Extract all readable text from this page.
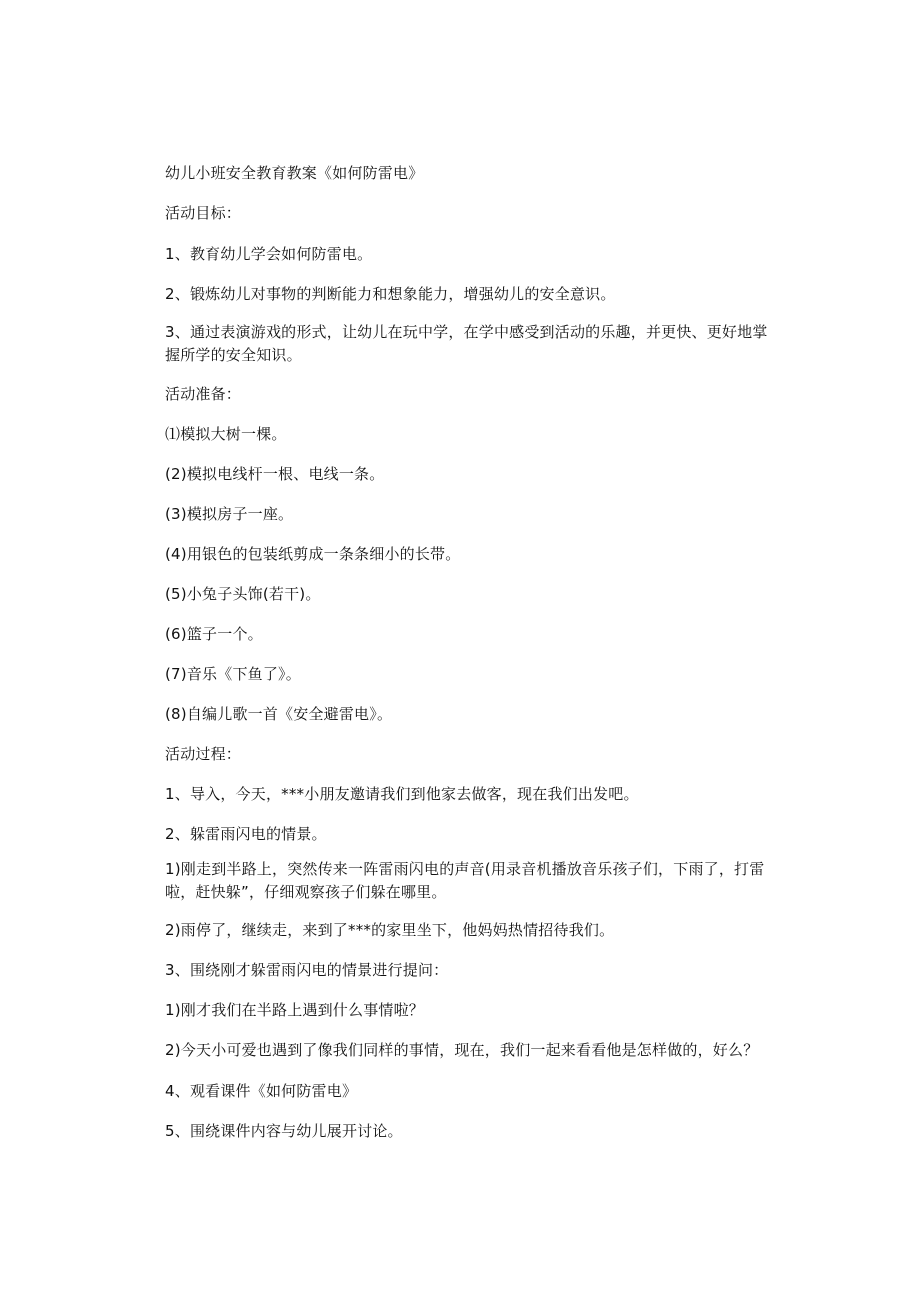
幼儿小班安全教育教案《如何防雷电》

活动目标：

1、教育幼儿学会如何防雷电。

2、锻炼幼儿对事物的判断能力和想象能力，增强幼儿的安全意识。

3、通过表演游戏的形式，让幼儿在玩中学，在学中感受到活动的乐趣，并更快、更好地掌握所学的安全知识。

活动准备：

⑴模拟大树一棵。

(2)模拟电线杆一根、电线一条。

(3)模拟房子一座。

(4)用银色的包装纸剪成一条条细小的长带。

(5)小兔子头饰(若干)。

(6)篮子一个。

(7)音乐《下鱼了》。

(8)自编儿歌一首《安全避雷电》。

活动过程：

1、导入，今天，***小朋友邀请我们到他家去做客，现在我们出发吧。

2、躲雷雨闪电的情景。

1)刚走到半路上，突然传来一阵雷雨闪电的声音(用录音机播放音乐孩子们，下雨了，打雷啦，赶快躲”，仔细观察孩子们躲在哪里。

2)雨停了，继续走，来到了***的家里坐下，他妈妈热情招待我们。

3、围绕刚才躲雷雨闪电的情景进行提问：

1)刚才我们在半路上遇到什么事情啦？

2)今天小可爱也遇到了像我们同样的事情，现在，我们一起来看看他是怎样做的，好么？

4、观看课件《如何防雷电》

5、围绕课件内容与幼儿展开讨论。
